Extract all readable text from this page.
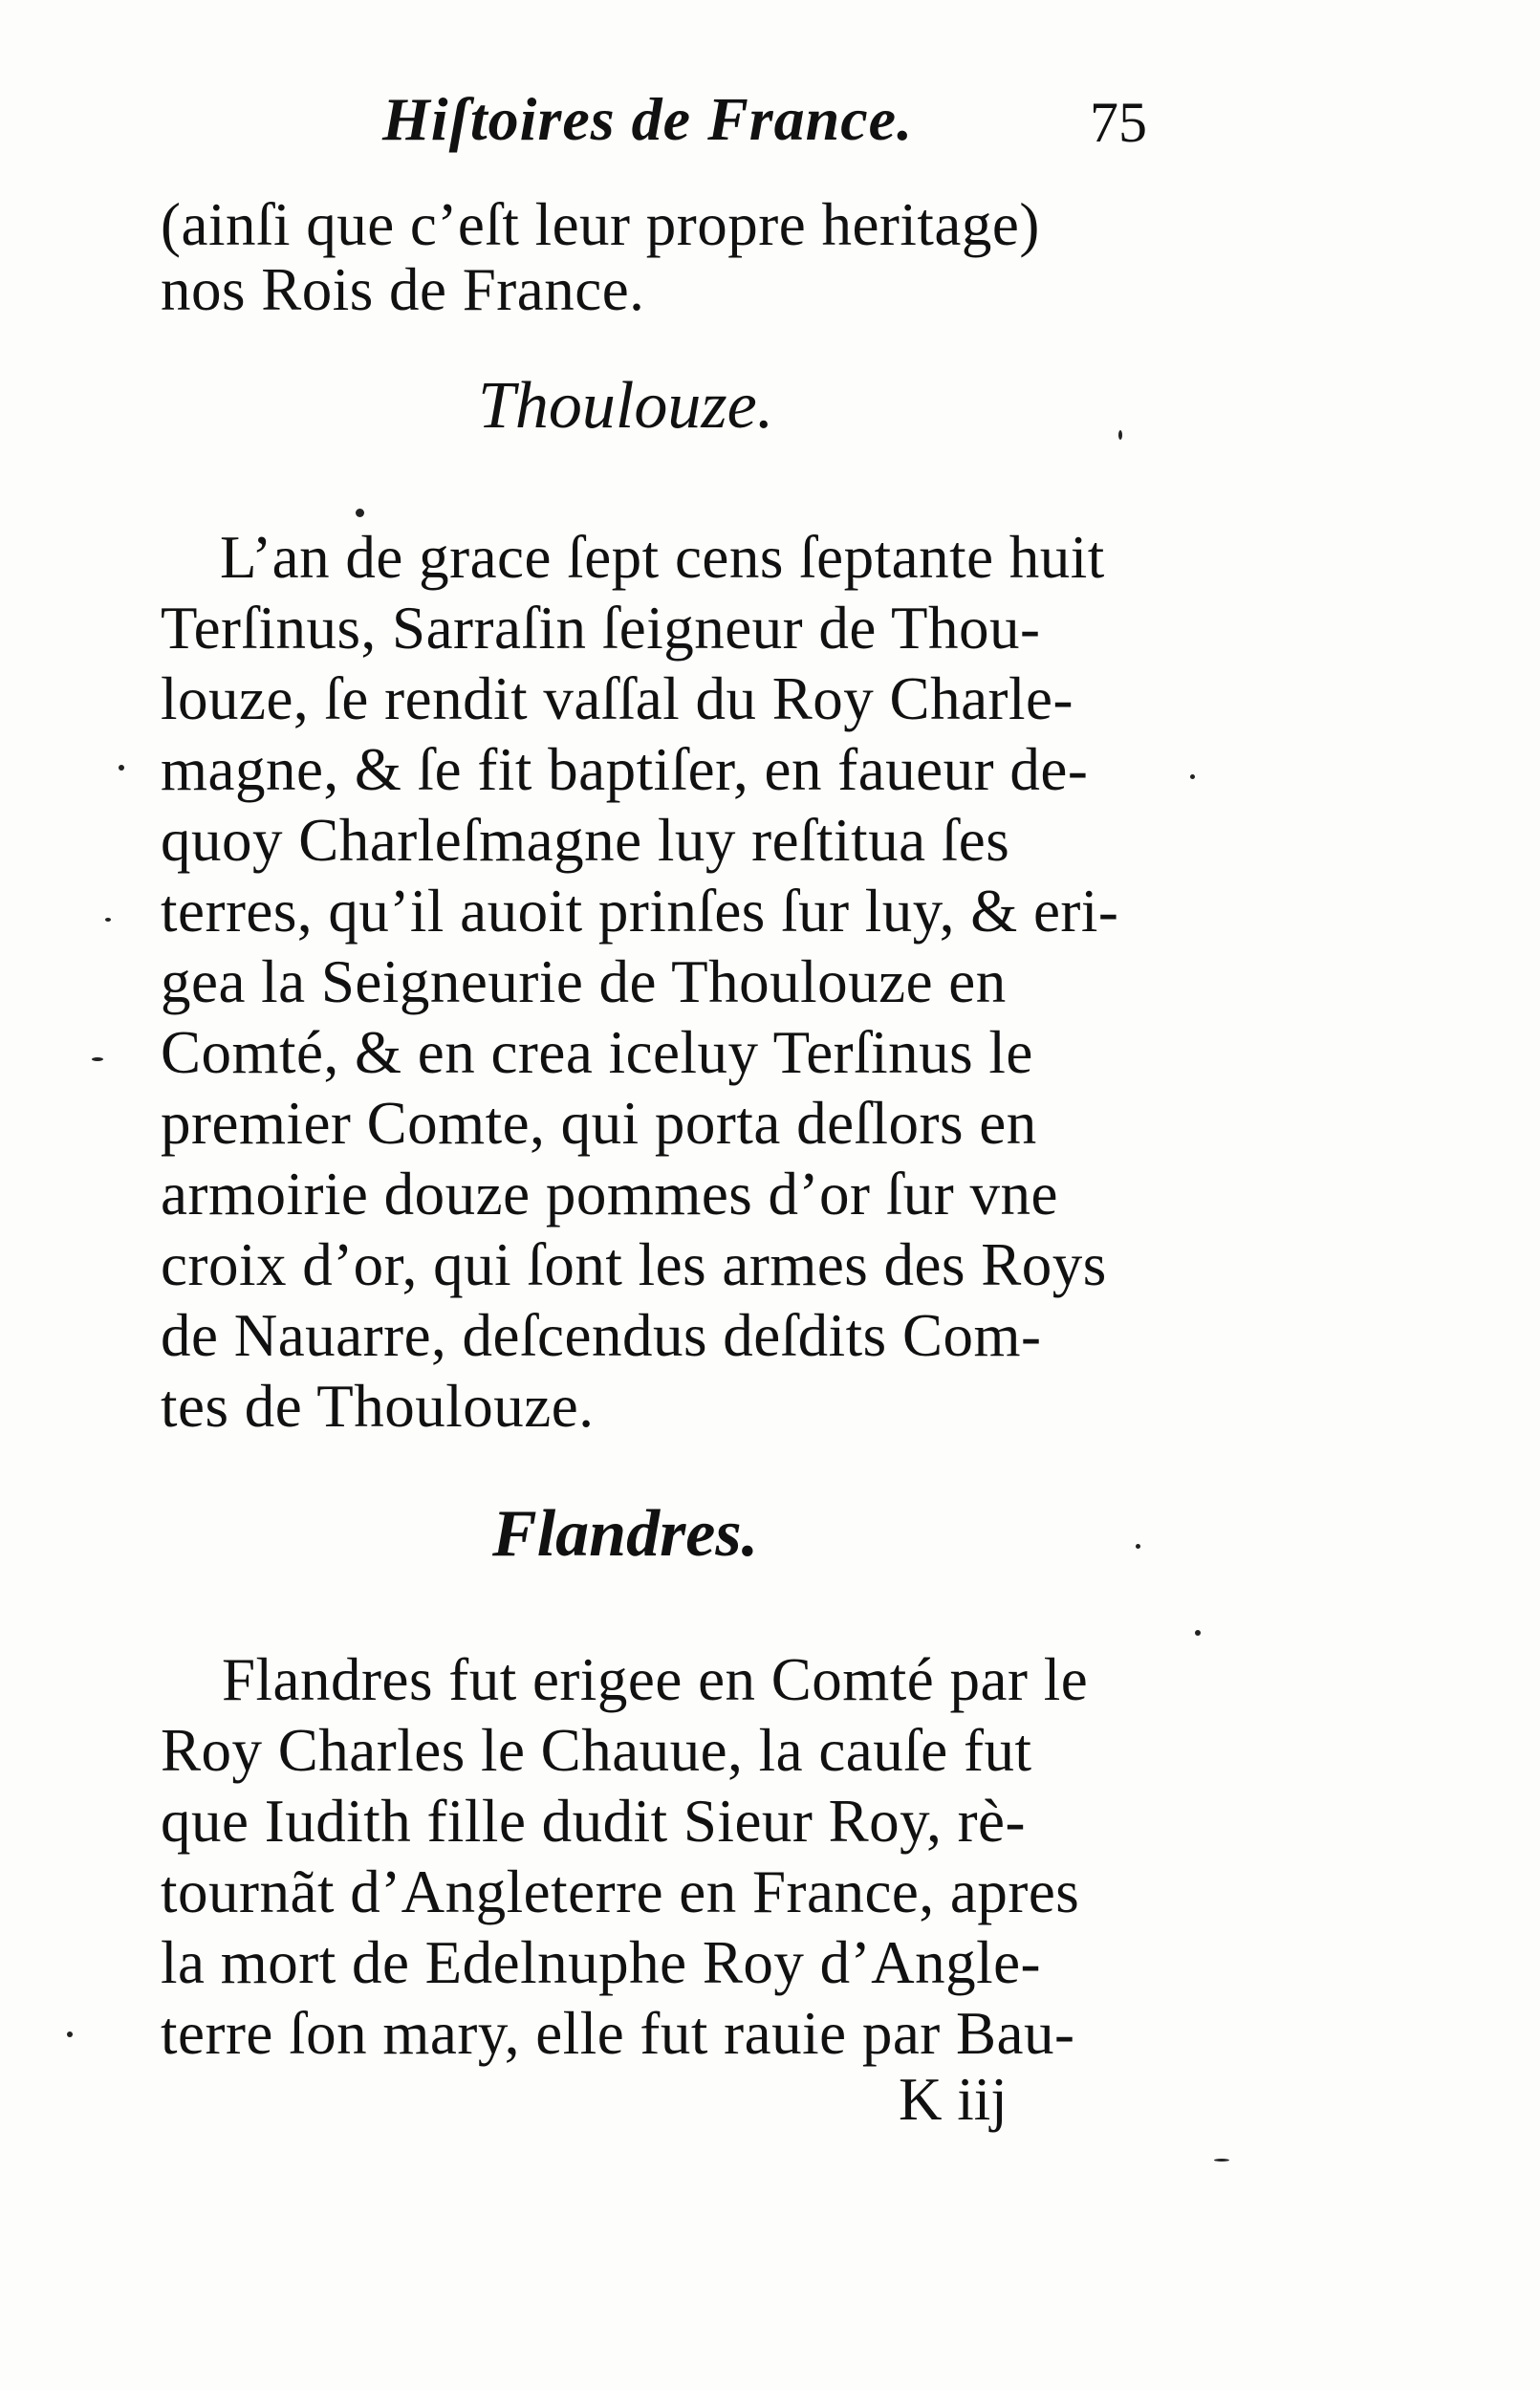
Hiſtoires de France.	75
(ainſi que c’eſt leur propre heritage)
nos Rois de France.
Thoulouze.
L’an de grace ſept cens ſeptante huit
Terſinus, Sarraſin ſeigneur de Thou-
louze, ſe rendit vaſſal du Roy Charle-
magne, & ſe fit baptiſer, en faueur de-
quoy Charleſmagne luy reſtitua ſes
terres, qu’il auoit prinſes ſur luy, & eri-
gea la Seigneurie de Thoulouze en
Comté, & en crea iceluy Terſinus le
premier Comte, qui porta deſlors en
armoirie douze pommes d’or ſur vne
croix d’or, qui ſont les armes des Roys
de Nauarre, deſcendus deſdits Com-
tes de Thoulouze.
Flandres.
Flandres fut erigee en Comté par le
Roy Charles le Chauue, la cauſe fut
que Iudith fille dudit Sieur Roy, rè-
tournãt d’Angleterre en France, apres
la mort de Edelnuphe Roy d’Angle-
terre ſon mary, elle fut rauie par Bau-
K iij
